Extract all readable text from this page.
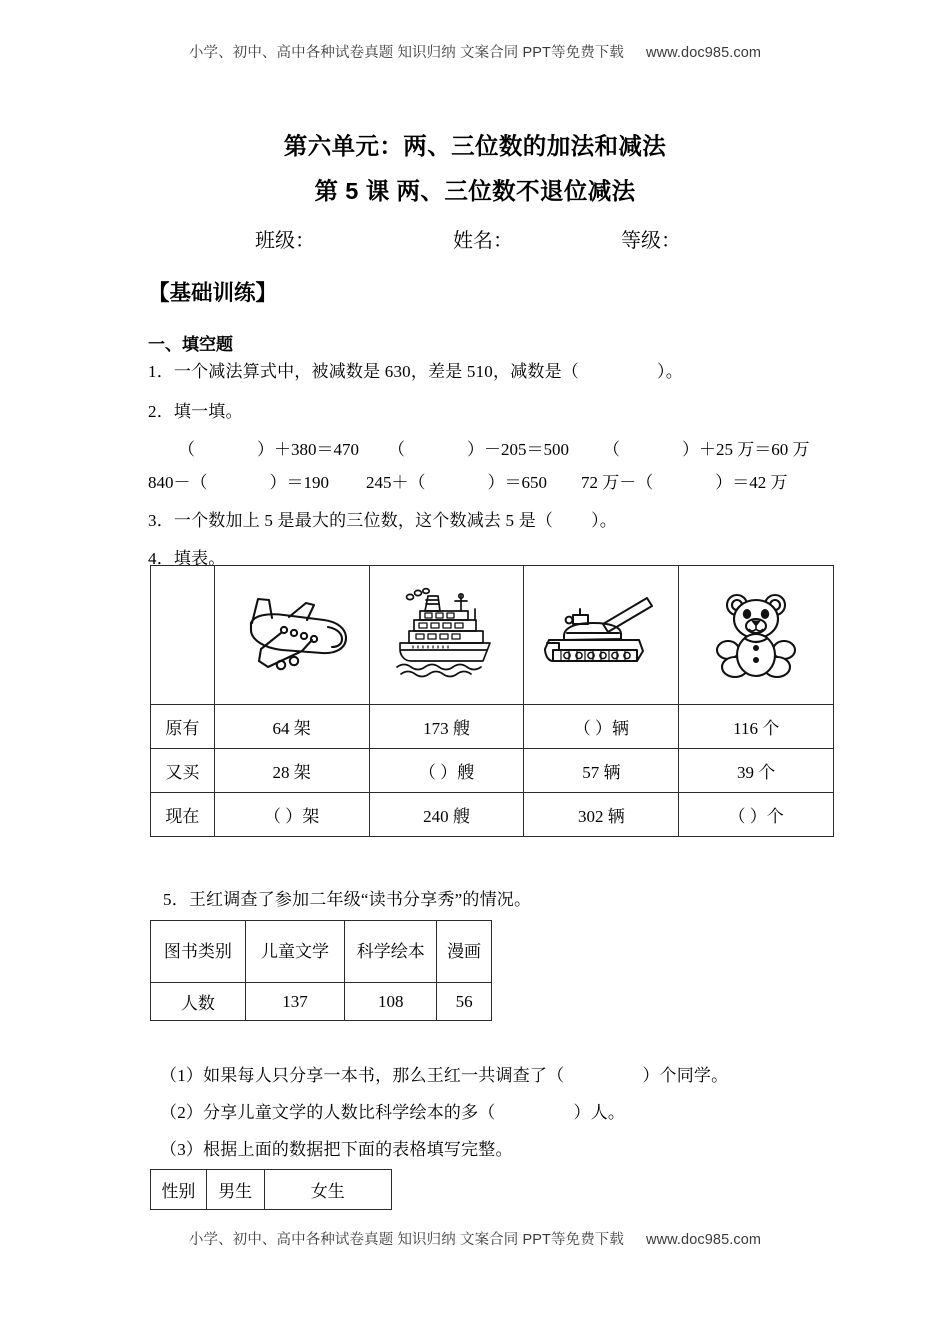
小学、初中、高中各种试卷真题 知识归纳 文案合同 PPT等免费下载 www.doc985.com
第六单元：两、三位数的加法和减法
第 5 课 两、三位数不退位减法
班级：	姓名：	等级：
【基础训练】
一、填空题
1．一个减法算式中，被减数是 630，差是 510，减数是（	）。
2．填一填。
（	）＋380＝470 （	）－205＝500 （	）＋25 万＝60 万
840－（	）＝190 245＋（	）＝650 72 万－（	）＝42 万
3．一个数加上 5 是最大的三位数，这个数减去 5 是（ ）。
4．填表。

原有	64 架	173 艘	（ ）辆	116 个
又买	28 架	（ ）艘	57 辆	39 个
现在	（ ）架	240 艘	302 辆	（ ）个
5．王红调查了参加二年级“读书分享秀”的情况。
图书类别	儿童文学	科学绘本	漫画
人数	137	108	56
（1）如果每人只分享一本书，那么王红一共调查了（	）个同学。
（2）分享儿童文学的人数比科学绘本的多（	）人。
（3）根据上面的数据把下面的表格填写完整。
性别	男生	女生
小学、初中、高中各种试卷真题 知识归纳 文案合同 PPT等免费下载 www.doc985.com
